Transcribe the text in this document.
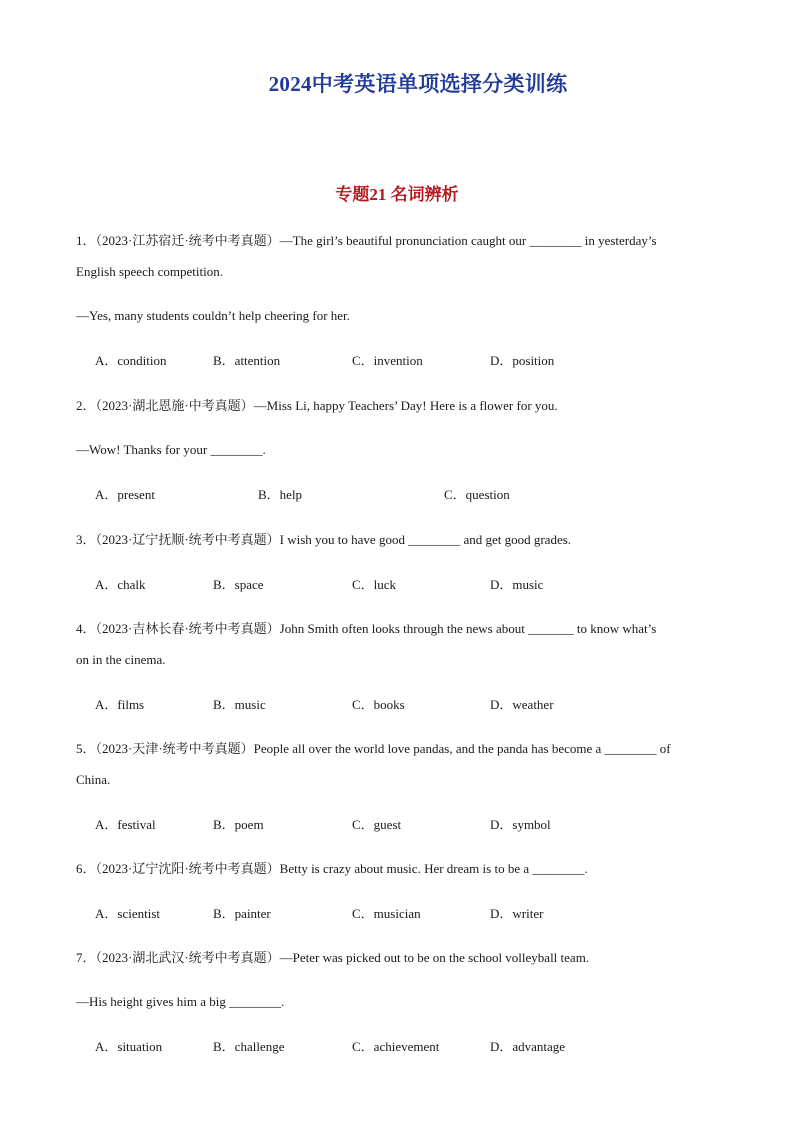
2024中考英语单项选择分类训练
专题21 名词辨析
1．（2023·江苏宿迁·统考中考真题）—The girl’s beautiful pronunciation caught our ________ in yesterday’s
English speech competition.
—Yes, many students couldn’t help cheering for her.
A．condition	B．attention	C．invention	D．position
2．（2023·湖北恩施·中考真题）—Miss Li, happy Teachers’ Day! Here is a flower for you.
—Wow! Thanks for your ________.
A．present	B．help	C．question
3．（2023·辽宁抚顺·统考中考真题）I wish you to have good ________ and get good grades.
A．chalk	B．space	C．luck	D．music
4．（2023·吉林长春·统考中考真题）John Smith often looks through the news about _______ to know what’s
on in the cinema.
A．films	B．music	C．books	D．weather
5．（2023·天津·统考中考真题）People all over the world love pandas, and the panda has become a ________ of
China.
A．festival	B．poem	C．guest	D．symbol
6．（2023·辽宁沈阳·统考中考真题）Betty is crazy about music. Her dream is to be a ________.
A．scientist	B．painter	C．musician	D．writer
7．（2023·湖北武汉·统考中考真题）—Peter was picked out to be on the school volleyball team.
—His height gives him a big ________.
A．situation	B．challenge	C．achievement	D．advantage
